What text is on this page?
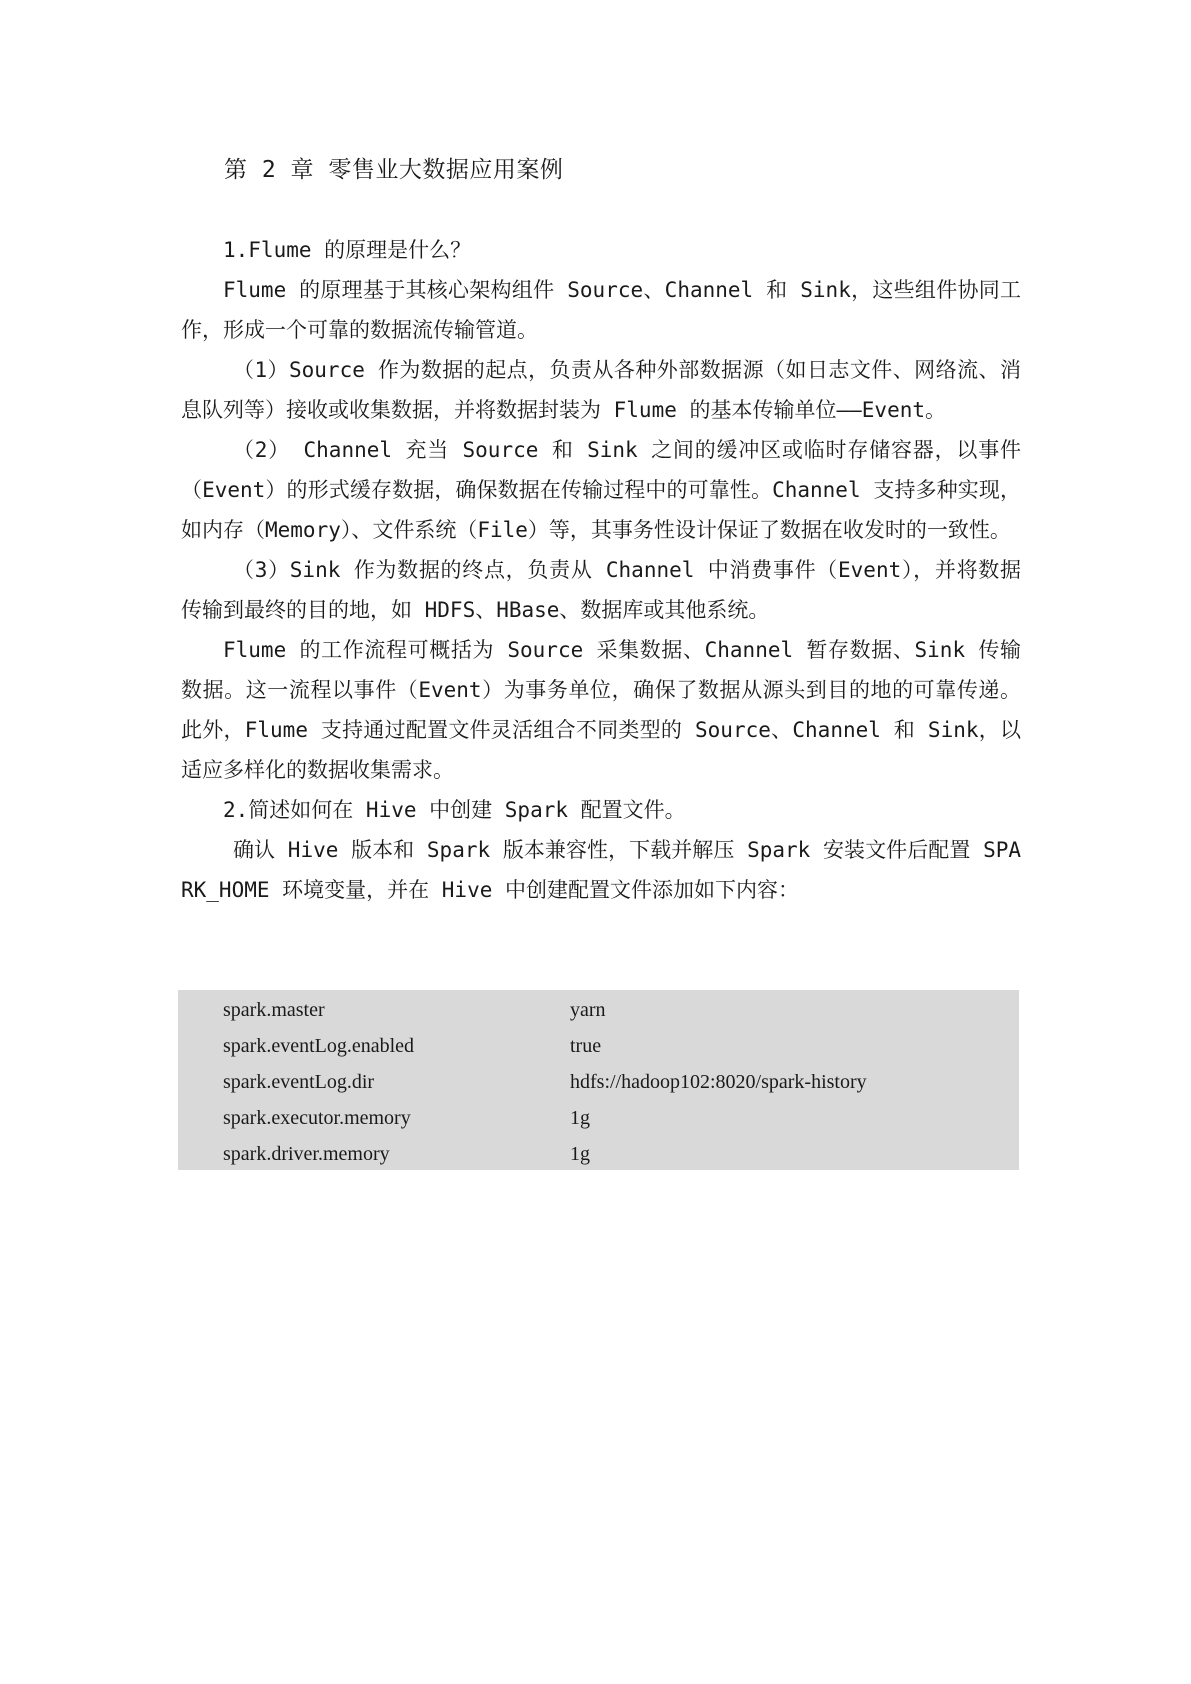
第 2 章 零售业大数据应用案例

1.Flume 的原理是什么？

Flume 的原理基于其核心架构组件 Source、Channel 和 Sink，这些组件协同工作，形成一个可靠的数据流传输管道。

（1）Source 作为数据的起点，负责从各种外部数据源（如日志文件、网络流、消息队列等）接收或收集数据，并将数据封装为 Flume 的基本传输单位——Event。

（2） Channel 充当 Source 和 Sink 之间的缓冲区或临时存储容器，以事件（Event）的形式缓存数据，确保数据在传输过程中的可靠性。Channel 支持多种实现，如内存（Memory）、文件系统（File）等，其事务性设计保证了数据在收发时的一致性。

（3）Sink 作为数据的终点，负责从 Channel 中消费事件（Event），并将数据传输到最终的目的地，如 HDFS、HBase、数据库或其他系统。

Flume 的工作流程可概括为 Source 采集数据、Channel 暂存数据、Sink 传输数据。这一流程以事件（Event）为事务单位，确保了数据从源头到目的地的可靠传递。此外，Flume 支持通过配置文件灵活组合不同类型的 Source、Channel 和 Sink，以适应多样化的数据收集需求。

2.简述如何在 Hive 中创建 Spark 配置文件。

确认 Hive 版本和 Spark 版本兼容性，下载并解压 Spark 安装文件后配置 SPARK_HOME 环境变量，并在 Hive 中创建配置文件添加如下内容：

spark.master	yarn
spark.eventLog.enabled	true
spark.eventLog.dir	hdfs://hadoop102:8020/spark-history
spark.executor.memory	1g
spark.driver.memory	1g
